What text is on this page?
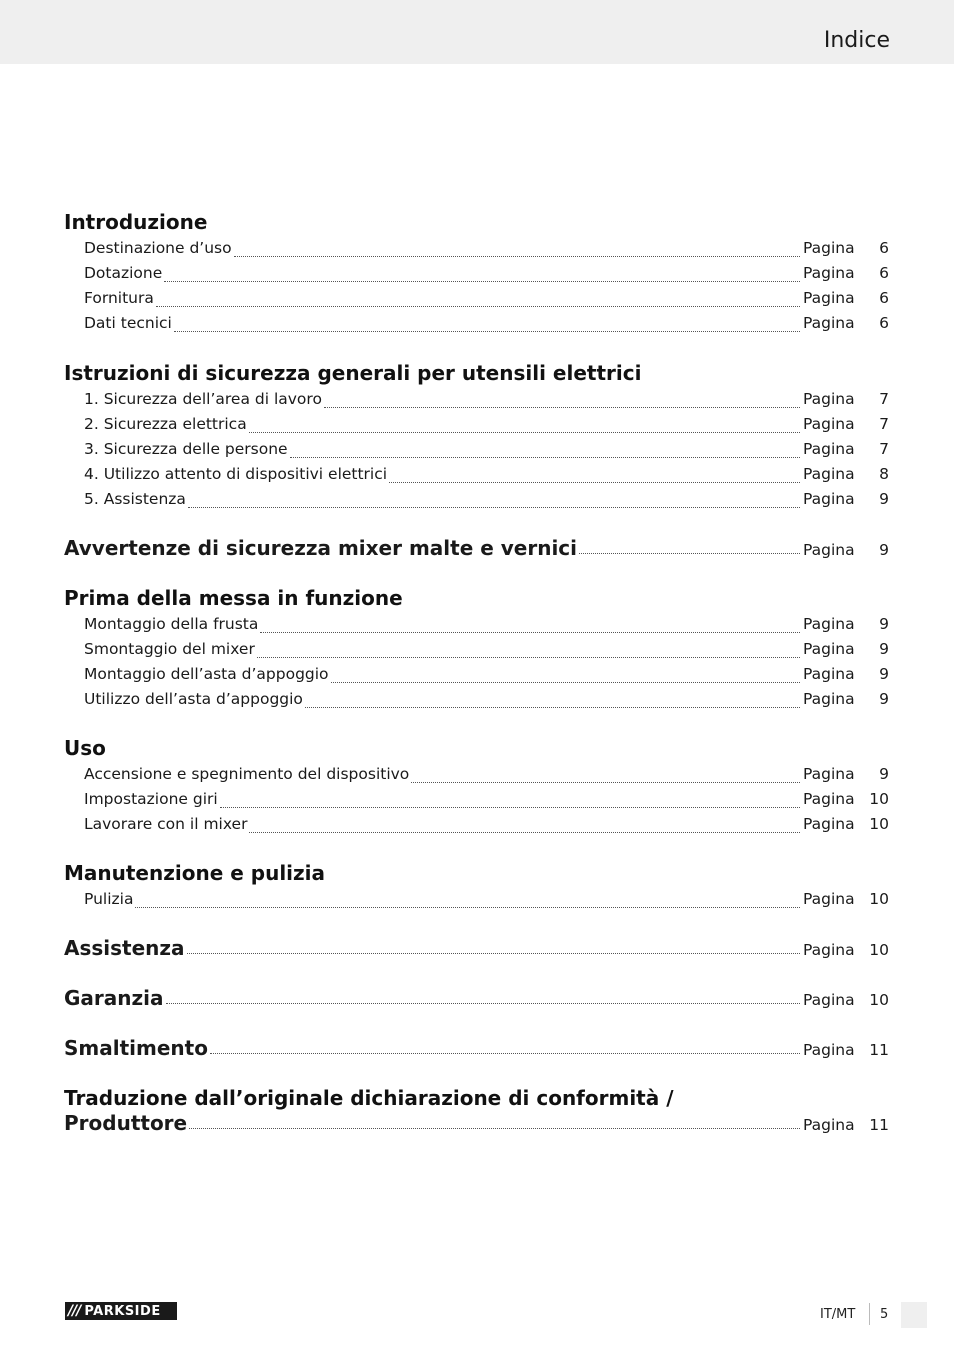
Indice
Introduzione
Destinazione d’uso	Pagina	6
Dotazione	Pagina	6
Fornitura	Pagina	6
Dati tecnici	Pagina	6
Istruzioni di sicurezza generali per utensili elettrici
1. Sicurezza dell’area di lavoro	Pagina	7
2. Sicurezza elettrica	Pagina	7
3. Sicurezza delle persone	Pagina	7
4. Utilizzo attento di dispositivi elettrici	Pagina	8
5. Assistenza	Pagina	9
Avvertenze di sicurezza mixer malte e vernici	Pagina	9
Prima della messa in funzione
Montaggio della frusta	Pagina	9
Smontaggio del mixer	Pagina	9
Montaggio dell’asta d’appoggio	Pagina	9
Utilizzo dell’asta d’appoggio	Pagina	9
Uso
Accensione e spegnimento del dispositivo	Pagina	9
Impostazione giri	Pagina 10
Lavorare con il mixer	Pagina 10
Manutenzione e pulizia
Pulizia	Pagina 10
Assistenza	Pagina 10
Garanzia	Pagina 10
Smaltimento	Pagina 11
Traduzione dall’originale dichiarazione di conformità /
Produttore	Pagina 11
/// PARKSIDE	IT/MT 5
